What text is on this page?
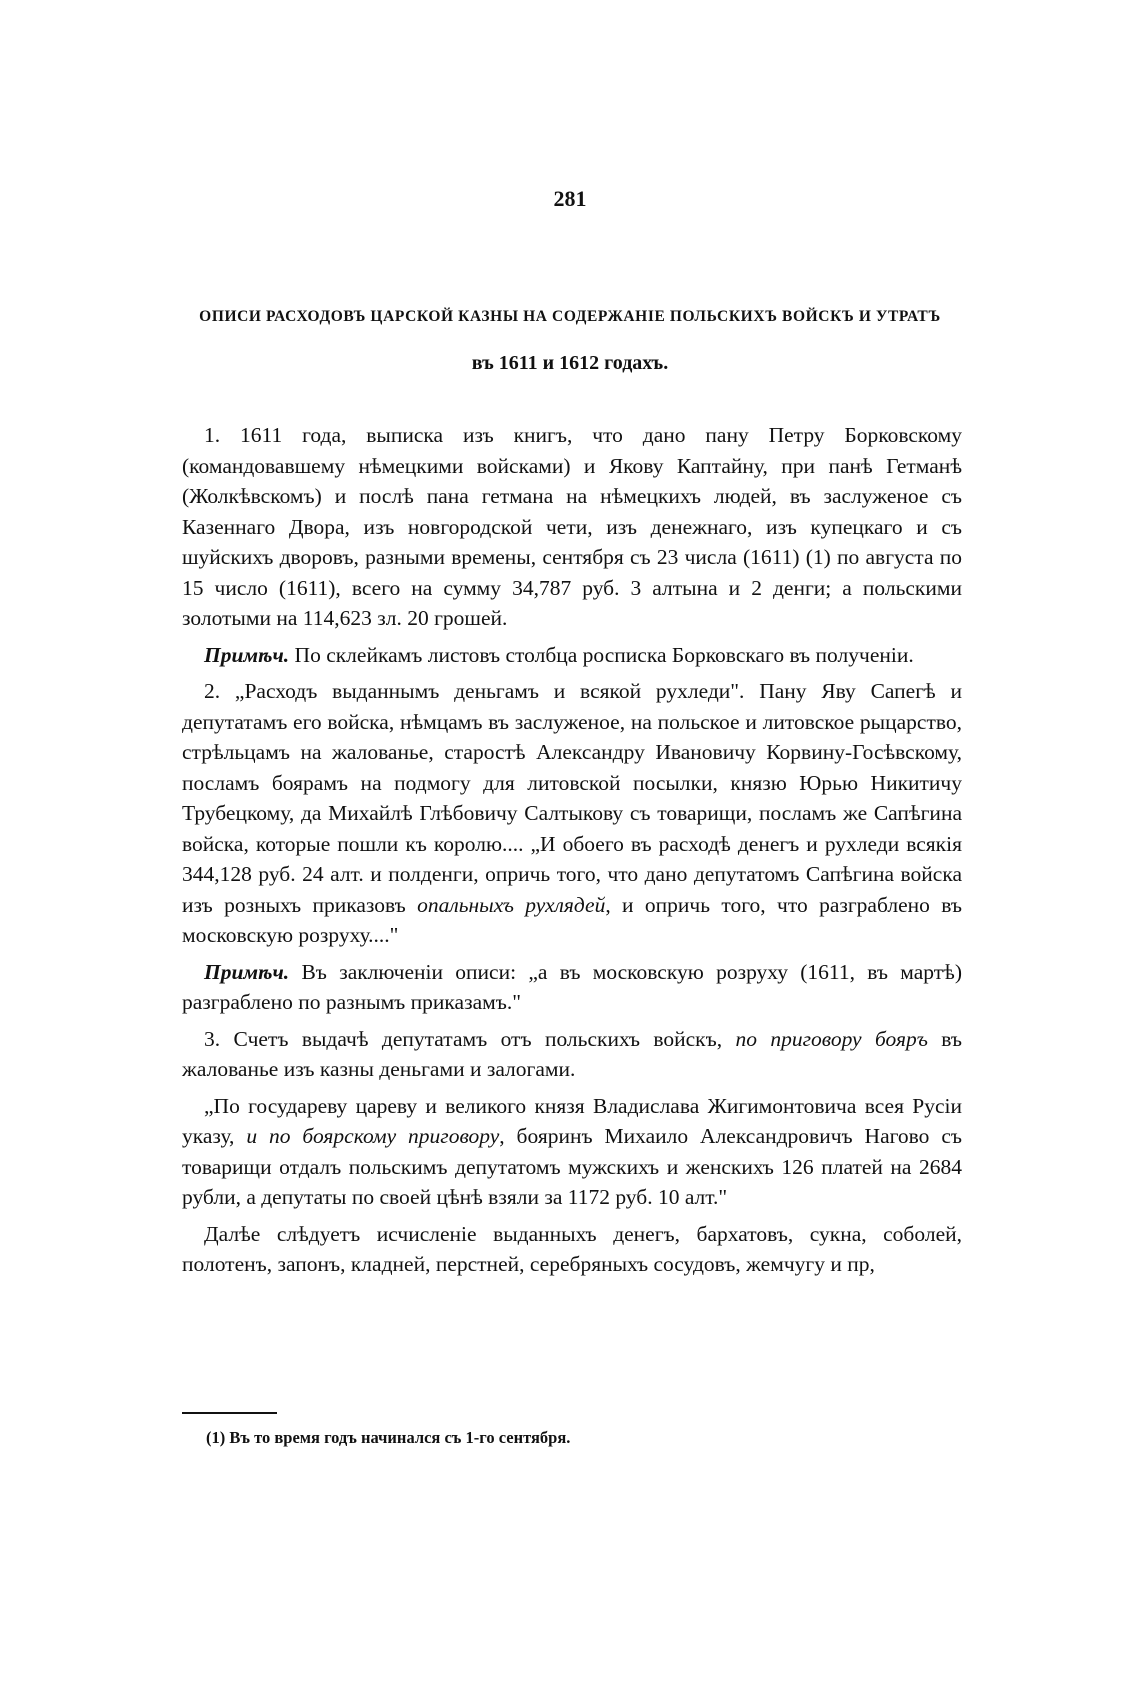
281
ОПИСИ РАСХОДОВЪ ЦАРСКОЙ КАЗНЫ НА СОДЕРЖАНІЕ ПОЛЬСКИХЪ ВОЙСКЪ И УТРАТЪ
въ 1611 и 1612 годахъ.

1. 1611 года, выписка изъ книгъ, что дано пану Петру Борковскому (командовавшему нѣмецкими войсками) и Якову Каптайну, при панѣ Гетманѣ (Жолкѣвскомъ) и послѣ пана гетмана на нѣмецкихъ людей, въ заслуженое съ Казеннаго Двора, изъ новгородской чети, изъ денежнаго, изъ купецкаго и съ шуйскихъ дворовъ, разными времены, сентября съ 23 числа (1611) (1) по августа по 15 число (1611), всего на сумму 34,787 руб. 3 алтына и 2 денги; а польскими золотыми на 114,623 зл. 20 грошей.

Примѣч. По склейкамъ листовъ столбца росписка Борковскаго въ полученіи.

2. „Расходъ выданнымъ деньгамъ и всякой рухледи". Пану Яву Сапегѣ и депутатамъ его войска, нѣмцамъ въ заслуженое, на польское и литовское рыцарство, стрѣльцамъ на жалованье, старостѣ Александру Ивановичу Корвину-Госѣвскому, посламъ боярамъ на подмогу для литовской посылки, князю Юрью Никитичу Трубецкому, да Михайлѣ Глѣбовичу Салтыкову съ товарищи, посламъ же Сапѣгина войска, которые пошли къ королю.... „И обоего въ расходѣ денегъ и рухледи всякія 344,128 руб. 24 алт. и полденги, опричь того, что дано депутатомъ Сапѣгина войска изъ розныхъ приказовъ опальныхъ рухлядей, и опричь того, что разграблено въ московскую розруху...."

Примѣч. Въ заключеніи описи: „а въ московскую розруху (1611, въ мартѣ) разграблено по разнымъ приказамъ."

3. Счетъ выдачѣ депутатамъ отъ польскихъ войскъ, по приговору бояръ въ жалованье изъ казны деньгами и залогами.

„По государеву цареву и великого князя Владислава Жигимонтовича всея Русіи указу, и по боярскому приговору, бояринъ Михаило Александровичъ Нагово съ товарищи отдалъ польскимъ депутатомъ мужскихъ и женскихъ 126 платей на 2684 рубли, а депутаты по своей цѣнѣ взяли за 1172 руб. 10 алт."

Далѣе слѣдуетъ исчисленіе выданныхъ денегъ, бархатовъ, сукна, соболей, полотенъ, запонъ, кладней, перстней, серебряныхъ сосудовъ, жемчугу и пр,

(1) Въ то время годъ начинался съ 1-го сентября.
